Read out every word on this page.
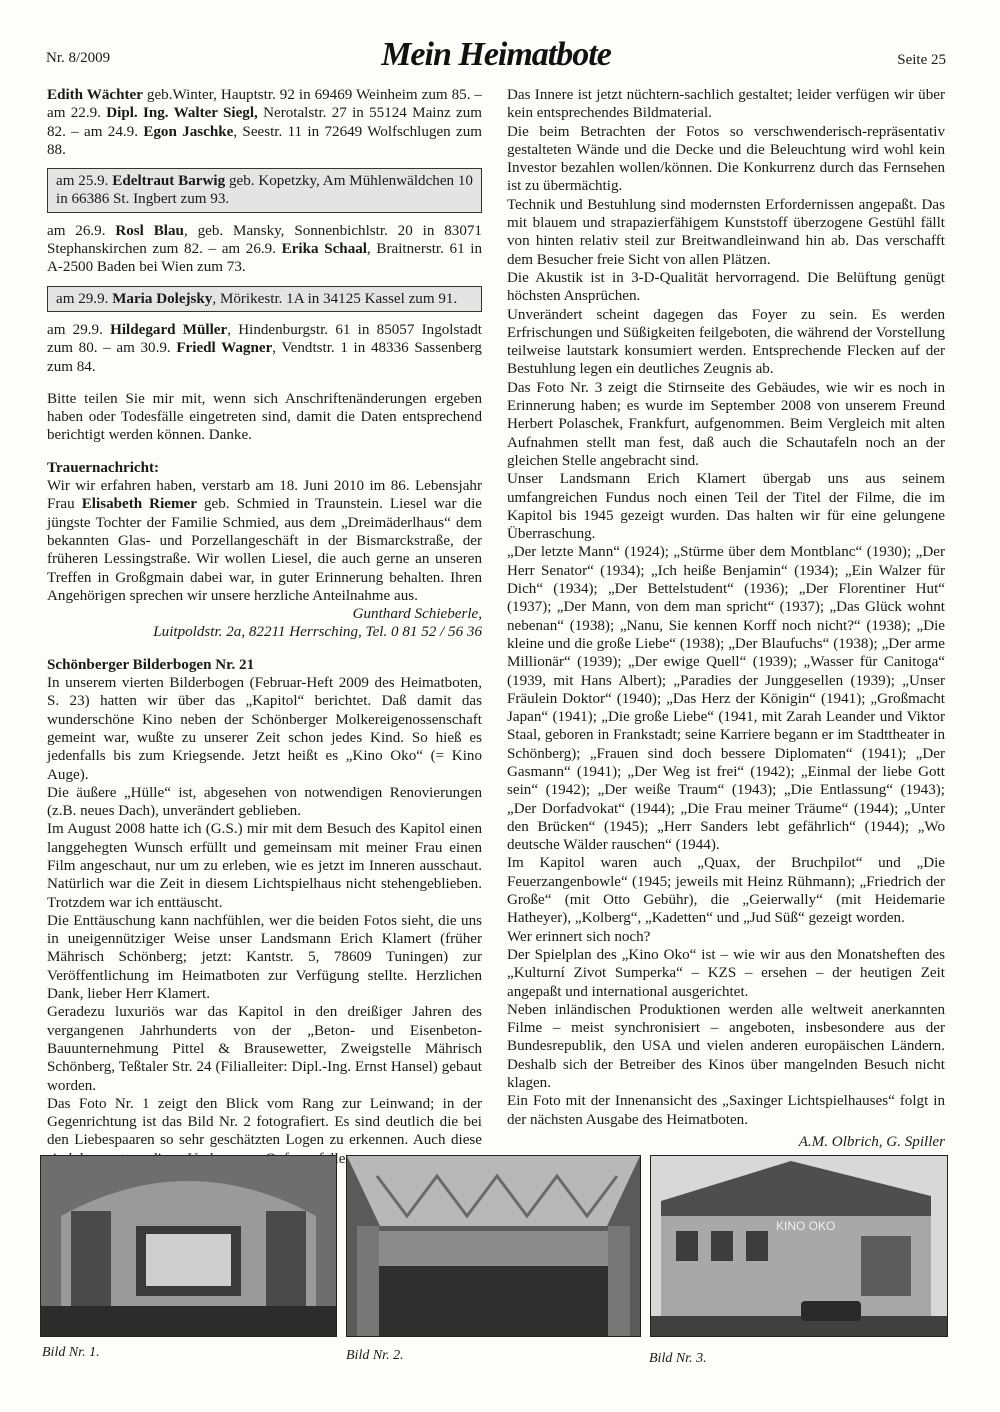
Nr. 8/2009	Mein Heimatbote	Seite 25

Edith Wächter geb.Winter, Hauptstr. 92 in 69469 Weinheim zum 85. – am 22.9. Dipl. Ing. Walter Siegl, Nerotalstr. 27 in 55124 Mainz zum 82. – am 24.9. Egon Jaschke, Seestr. 11 in 72649 Wolfschlugen zum 88.

am 25.9. Edeltraut Barwig geb. Kopetzky, Am Mühlenwäldchen 10 in 66386 St. Ingbert zum 93.

am 26.9. Rosl Blau, geb. Mansky, Sonnenbichlstr. 20 in 83071 Stephanskirchen zum 82. – am 26.9. Erika Schaal, Braitnerstr. 61 in A-2500 Baden bei Wien zum 73.

am 29.9. Maria Dolejsky, Mörikestr. 1A in 34125 Kassel zum 91.

am 29.9. Hildegard Müller, Hindenburgstr. 61 in 85057 Ingolstadt zum 80. – am 30.9. Friedl Wagner, Vendtstr. 1 in 48336 Sassenberg zum 84.

Bitte teilen Sie mir mit, wenn sich Anschriftenänderungen ergeben haben oder Todesfälle eingetreten sind, damit die Daten entsprechend berichtigt werden können. Danke.

Trauernachricht:

Wir wir erfahren haben, verstarb am 18. Juni 2010 im 86. Lebensjahr Frau Elisabeth Riemer geb. Schmied in Traunstein. Liesel war die jüngste Tochter der Familie Schmied, aus dem „Dreimäderlhaus“ dem bekannten Glas- und Porzellangeschäft in der Bismarckstraße, der früheren Lessingstraße. Wir wollen Liesel, die auch gerne an unseren Treffen in Großgmain dabei war, in guter Erinnerung behalten. Ihren Angehörigen sprechen wir unsere herzliche Anteilnahme aus.

Gunthard Schieberle,

Luitpoldstr. 2a, 82211 Herrsching, Tel. 0 81 52 / 56 36

Schönberger Bilderbogen Nr. 21

In unserem vierten Bilderbogen (Februar-Heft 2009 des Heimatboten, S. 23) hatten wir über das „Kapitol“ berichtet. Daß damit das wunderschöne Kino neben der Schönberger Molkereigenossenschaft gemeint war, wußte zu unserer Zeit schon jedes Kind. So hieß es jedenfalls bis zum Kriegsende. Jetzt heißt es „Kino Oko“ (= Kino Auge).

Die äußere „Hülle“ ist, abgesehen von notwendigen Renovierungen (z.B. neues Dach), unverändert geblieben.

Im August 2008 hatte ich (G.S.) mir mit dem Besuch des Kapitol einen langgehegten Wunsch erfüllt und gemeinsam mit meiner Frau einen Film angeschaut, nur um zu erleben, wie es jetzt im Inneren ausschaut. Natürlich war die Zeit in diesem Lichtspielhaus nicht stehengeblieben. Trotzdem war ich enttäuscht.

Die Enttäuschung kann nachfühlen, wer die beiden Fotos sieht, die uns in uneigennütziger Weise unser Landsmann Erich Klamert (früher Mährisch Schönberg; jetzt: Kantstr. 5, 78609 Tuningen) zur Veröffentlichung im Heimatboten zur Verfügung stellte. Herzlichen Dank, lieber Herr Klamert.

Geradezu luxuriös war das Kapitol in den dreißiger Jahren des vergangenen Jahrhunderts von der „Beton- und Eisenbeton-Bauunternehmung Pittel & Brausewetter, Zweigstelle Mährisch Schönberg, Teßtaler Str. 24 (Filialleiter: Dipl.-Ing. Ernst Hansel) gebaut worden.

Das Foto Nr. 1 zeigt den Blick vom Rang zur Leinwand; in der Gegenrichtung ist das Bild Nr. 2 fotografiert. Es sind deutlich die bei den Liebespaaren so sehr geschätzten Logen zu erkennen. Auch diese

Das Innere ist jetzt nüchtern-sachlich gestaltet; leider verfügen wir über kein entsprechendes Bildmaterial.

Die beim Betrachten der Fotos so verschwenderisch-repräsentativ gestalteten Wände und die Decke und die Beleuchtung wird wohl kein Investor bezahlen wollen/können. Die Konkurrenz durch das Fernsehen ist zu übermächtig.

Technik und Bestuhlung sind modernsten Erfordernissen angepaßt. Das mit blauem und strapazierfähigem Kunststoff überzogene Gestühl fällt von hinten relativ steil zur Breitwandleinwand hin ab. Das verschafft dem Besucher freie Sicht von allen Plätzen.

Die Akustik ist in 3-D-Qualität hervorragend. Die Belüftung genügt höchsten Ansprüchen.

Unverändert scheint dagegen das Foyer zu sein. Es werden Erfrischungen und Süßigkeiten feilgeboten, die während der Vorstellung teilweise lautstark konsumiert werden. Entsprechende Flecken auf der Bestuhlung legen ein deutliches Zeugnis ab.

Das Foto Nr. 3 zeigt die Stirnseite des Gebäudes, wie wir es noch in Erinnerung haben; es wurde im September 2008 von unserem Freund Herbert Polaschek, Frankfurt, aufgenommen. Beim Vergleich mit alten Aufnahmen stellt man fest, daß auch die Schautafeln noch an der gleichen Stelle angebracht sind.

Unser Landsmann Erich Klamert übergab uns aus seinem umfangreichen Fundus noch einen Teil der Titel der Filme, die im Kapitol bis 1945 gezeigt wurden. Das halten wir für eine gelungene Überraschung.

„Der letzte Mann“ (1924); „Stürme über dem Montblanc“ (1930); „Der Herr Senator“ (1934); „Ich heiße Benjamin“ (1934); „Ein Walzer für Dich“ (1934); „Der Bettelstudent“ (1936); „Der Florentiner Hut“ (1937); „Der Mann, von dem man spricht“ (1937); „Das Glück wohnt nebenan“ (1938); „Nanu, Sie kennen Korff noch nicht?“ (1938); „Die kleine und die große Liebe“ (1938); „Der Blaufuchs“ (1938); „Der arme Millionär“ (1939); „Der ewige Quell“ (1939); „Wasser für Canitoga“ (1939, mit Hans Albert); „Paradies der Junggesellen (1939); „Unser Fräulein Doktor“ (1940); „Das Herz der Königin“ (1941); „Großmacht Japan“ (1941); „Die große Liebe“ (1941, mit Zarah Leander und Viktor Staal, geboren in Frankstadt; seine Karriere begann er im Stadttheater in Schönberg); „Frauen sind doch bessere Diplomaten“ (1941); „Der Gasmann“ (1941); „Der Weg ist frei“ (1942); „Einmal der liebe Gott sein“ (1942); „Der weiße Traum“ (1943); „Die Entlassung“ (1943); „Der Dorfadvokat“ (1944); „Die Frau meiner Träume“ (1944); „Unter den Brücken“ (1945); „Herr Sanders lebt gefährlich“ (1944); „Wo deutsche Wälder rauschen“ (1944).

Im Kapitol waren auch „Quax, der Bruchpilot“ und „Die Feuerzangenbowle“ (1945; jeweils mit Heinz Rühmann); „Friedrich der Große“ (mit Otto Gebühr), die „Geierwally“ (mit Heidemarie Hatheyer), „Kolberg“, „Kadetten“ und „Jud Süß“ gezeigt worden.

Wer erinnert sich noch?

Der Spielplan des „Kino Oko“ ist – wie wir aus den Monatsheften des „Kulturní Zivot Sumperka“ – KZS – ersehen – der heutigen Zeit angepaßt und international ausgerichtet.

Neben inländischen Produktionen werden alle weltweit anerkannten Filme – meist synchronisiert – angeboten, insbesondere aus der Bundesrepublik, den USA und vielen anderen europäischen Ländern. Deshalb sich der Betreiber des Kinos über mangelnden Besuch nicht klagen.

Ein Foto mit der Innenansicht des „Saxinger Lichtspielhauses“ folgt in der nächsten Ausgabe des Heimatboten.

A.M. Olbrich, G. Spiller

KINO OKO
Bild Nr. 1.	Bild Nr. 2.	Bild Nr. 3.
